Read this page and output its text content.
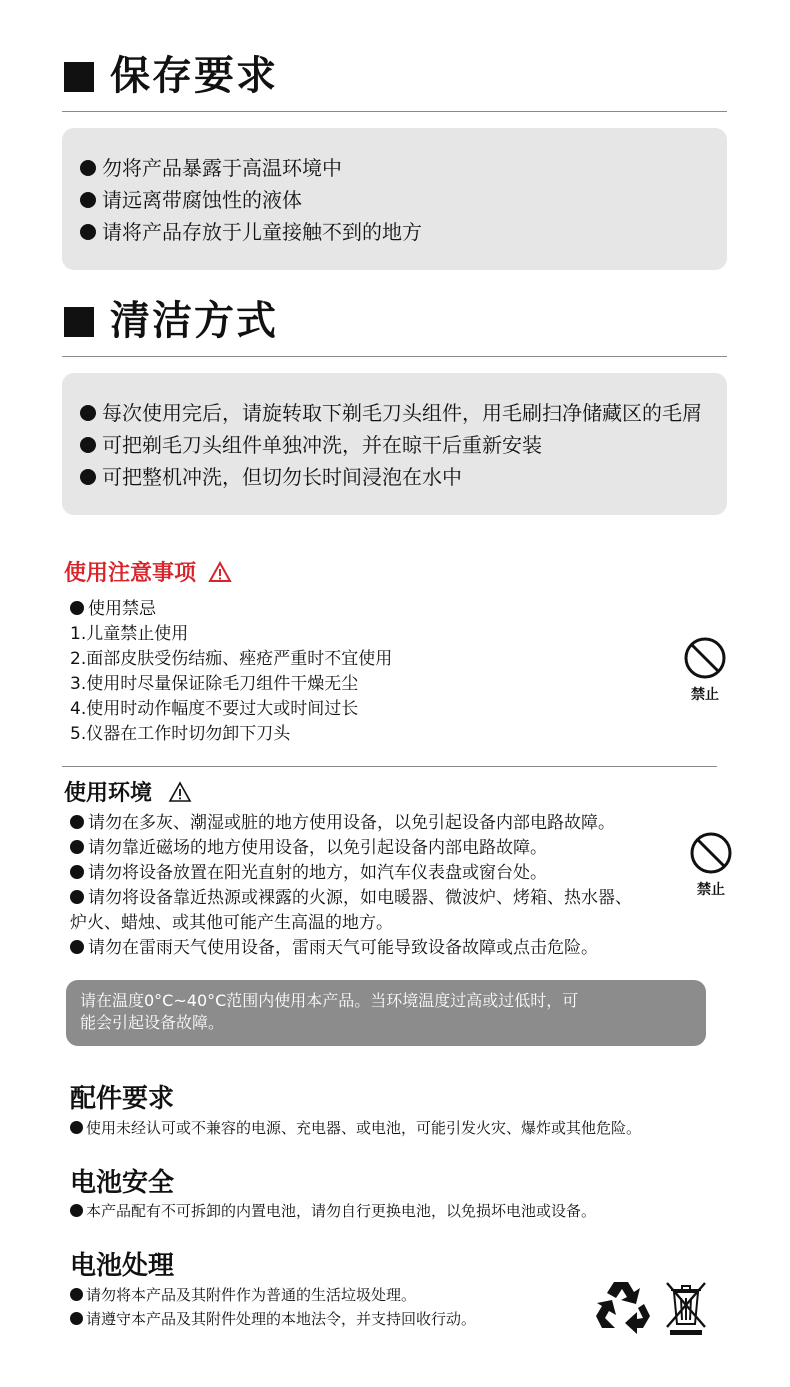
保存要求
勿将产品暴露于高温环境中
请远离带腐蚀性的液体
请将产品存放于儿童接触不到的地方
清洁方式
每次使用完后，请旋转取下剃毛刀头组件，用毛刷扫净储藏区的毛屑
可把剃毛刀头组件单独冲洗，并在晾干后重新安装
可把整机冲洗，但切勿长时间浸泡在水中
使用注意事项
使用禁忌
1.儿童禁止使用
2.面部皮肤受伤结痂、痤疮严重时不宜使用
3.使用时尽量保证除毛刀组件干燥无尘
4.使用时动作幅度不要过大或时间过长
5.仪器在工作时切勿卸下刀头
禁止
使用环境
请勿在多灰、潮湿或脏的地方使用设备，以免引起设备内部电路故障。
请勿靠近磁场的地方使用设备，以免引起设备内部电路故障。
请勿将设备放置在阳光直射的地方，如汽车仪表盘或窗台处。
请勿将设备靠近热源或裸露的火源，如电暖器、微波炉、烤箱、热水器、
炉火、蜡烛、或其他可能产生高温的地方。
请勿在雷雨天气使用设备，雷雨天气可能导致设备故障或点击危险。
禁止
请在温度0°C~40°C范围内使用本产品。当环境温度过高或过低时，可
能会引起设备故障。
配件要求
使用未经认可或不兼容的电源、充电器、或电池，可能引发火灾、爆炸或其他危险。
电池安全
本产品配有不可拆卸的内置电池，请勿自行更换电池，以免损坏电池或设备。
电池处理
请勿将本产品及其附件作为普通的生活垃圾处理。
请遵守本产品及其附件处理的本地法令，并支持回收行动。
